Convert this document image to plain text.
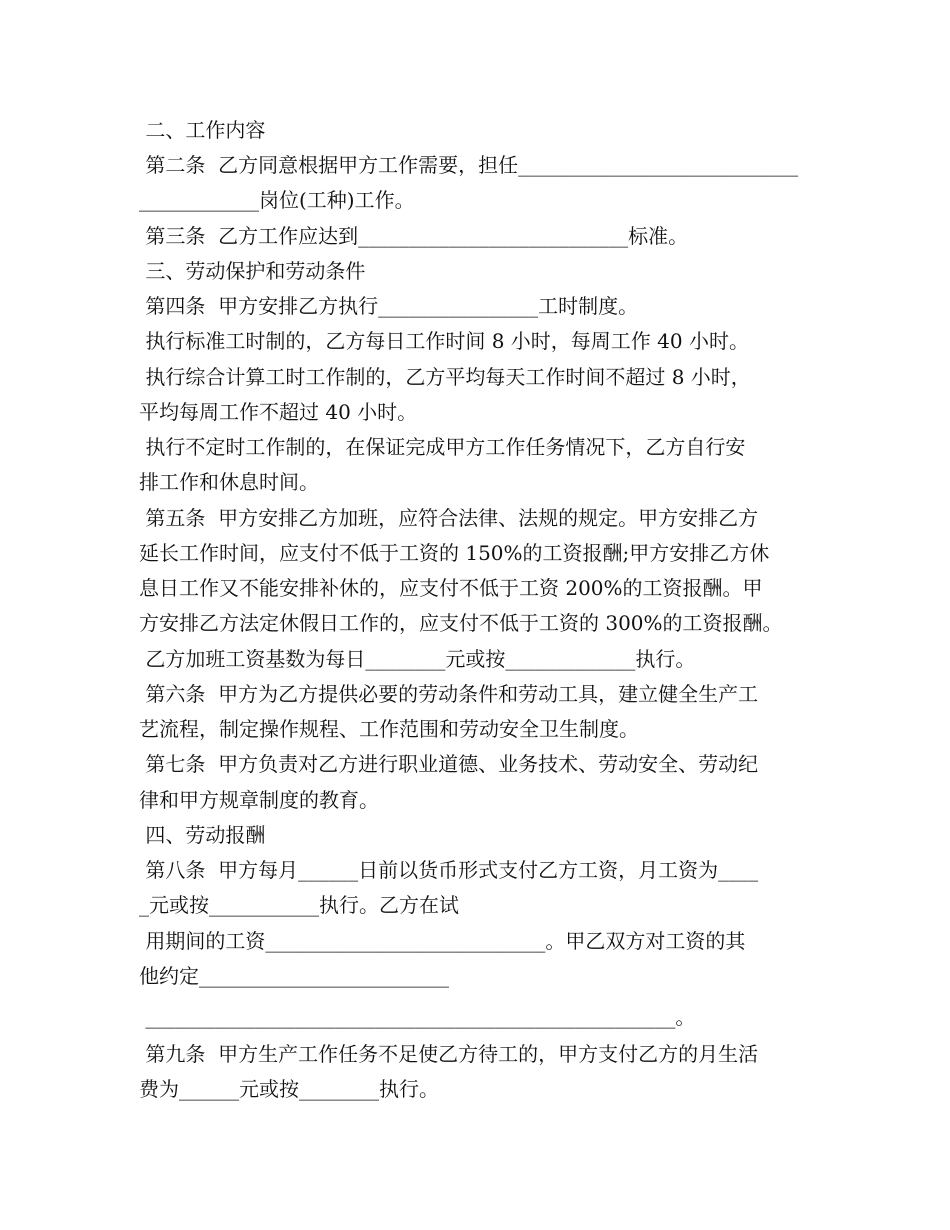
二、工作内容
第二条  乙方同意根据甲方工作需要，担任____________________________
____________岗位(工种)工作。
第三条  乙方工作应达到___________________________标准。
三、劳动保护和劳动条件
第四条  甲方安排乙方执行________________工时制度。
执行标准工时制的，乙方每日工作时间 8 小时，每周工作 40 小时。
执行综合计算工时工作制的，乙方平均每天工作时间不超过 8 小时，
平均每周工作不超过 40 小时。
执行不定时工作制的，在保证完成甲方工作任务情况下，乙方自行安
排工作和休息时间。
第五条  甲方安排乙方加班，应符合法律、法规的规定。甲方安排乙方
延长工作时间，应支付不低于工资的 150%的工资报酬;甲方安排乙方休
息日工作又不能安排补休的，应支付不低于工资 200%的工资报酬。甲
方安排乙方法定休假日工作的，应支付不低于工资的 300%的工资报酬。
乙方加班工资基数为每日________元或按_____________执行。
第六条  甲方为乙方提供必要的劳动条件和劳动工具，建立健全生产工
艺流程，制定操作规程、工作范围和劳动安全卫生制度。
第七条  甲方负责对乙方进行职业道德、业务技术、劳动安全、劳动纪
律和甲方规章制度的教育。
四、劳动报酬
第八条  甲方每月______日前以货币形式支付乙方工资，月工资为____
_元或按___________执行。乙方在试
用期间的工资____________________________。甲乙双方对工资的其
他约定_________________________
_____________________________________________________。
第九条  甲方生产工作任务不足使乙方待工的，甲方支付乙方的月生活
费为______元或按________执行。
